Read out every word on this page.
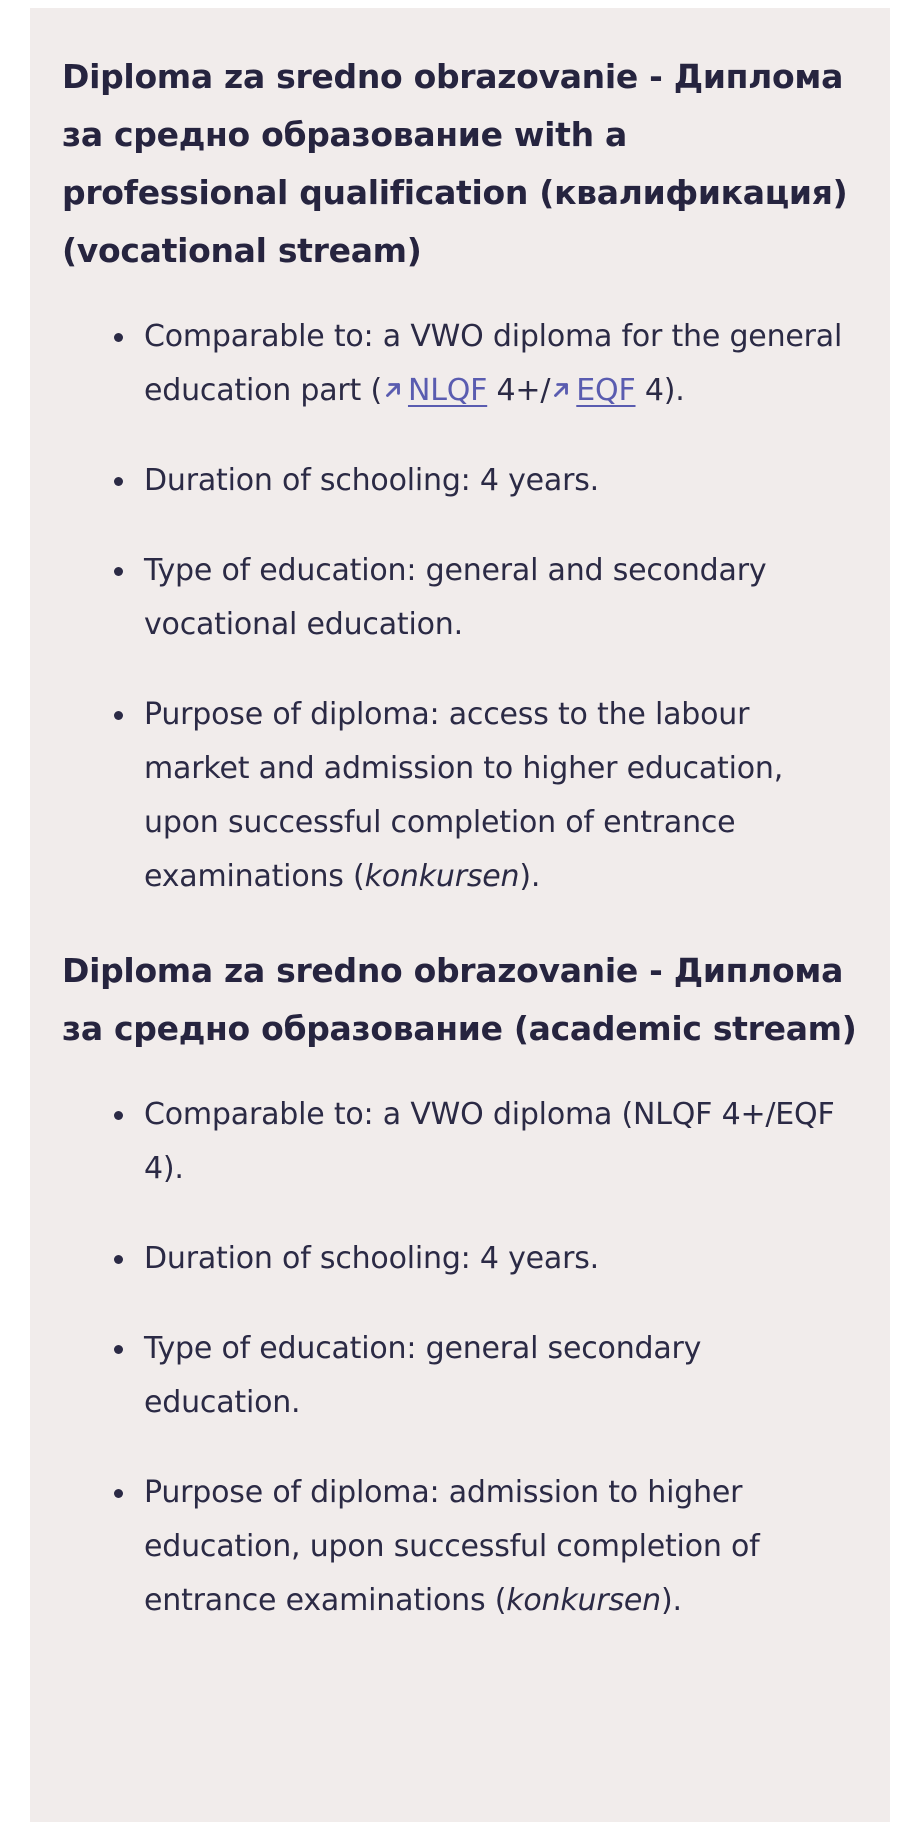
Diploma za sredno obrazovanie - Диплома за средно образование with a professional qualification (квалификация) (vocational stream)
Comparable to: a VWO diploma for the general education part ( NLQF 4+/ EQF 4).
Duration of schooling: 4 years.
Type of education: general and secondary vocational education.
Purpose of diploma: access to the labour market and admission to higher education, upon successful completion of entrance examinations (konkursen).
Diploma za sredno obrazovanie - Диплома за средно образование (academic stream)
Comparable to: a VWO diploma (NLQF 4+/EQF 4).
Duration of schooling: 4 years.
Type of education: general secondary education.
Purpose of diploma: admission to higher education, upon successful completion of entrance examinations (konkursen).
